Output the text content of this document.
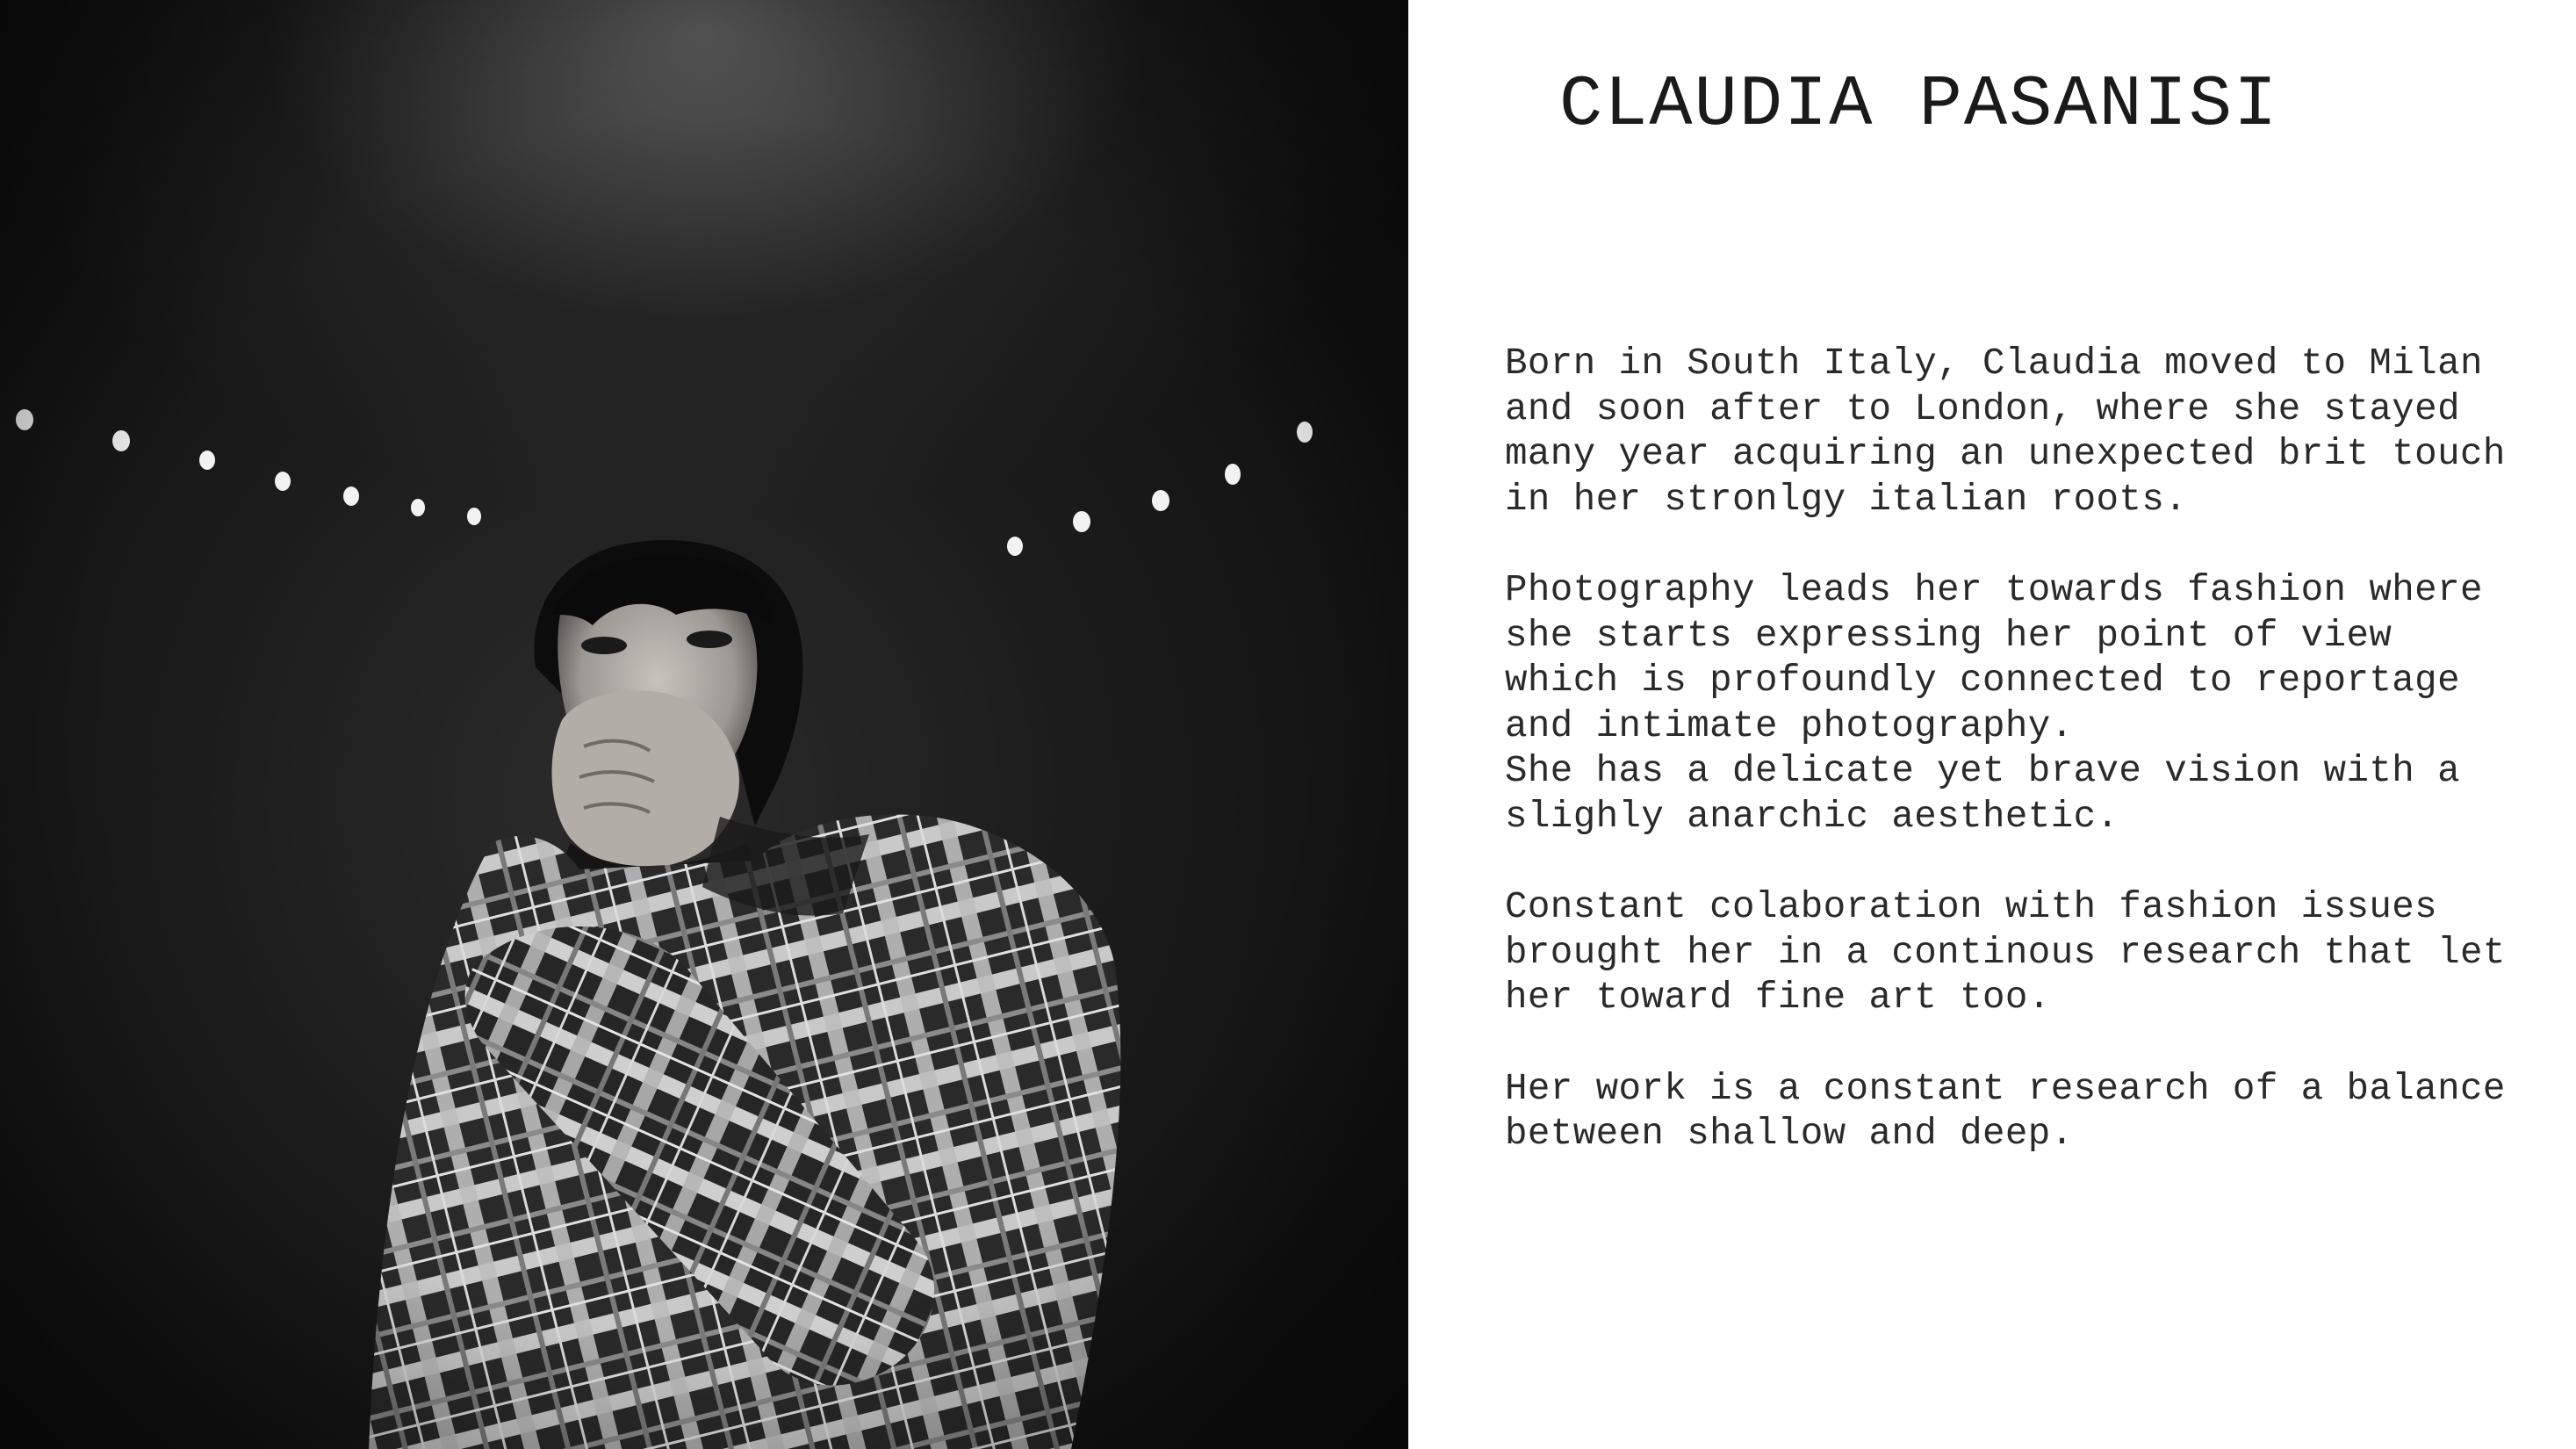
CLAUDIA PASANISI

Born in South Italy, Claudia moved to Milan
and soon after to London, where she stayed
many year acquiring an unexpected brit touch
in her stronlgy italian roots.

Photography leads her towards fashion where
she starts expressing her point of view
which is profoundly connected to reportage
and intimate photography.
She has a delicate yet brave vision with a
slighly anarchic aesthetic.

Constant colaboration with fashion issues
brought her in a continous research that let
her toward fine art too.

Her work is a constant research of a balance
between shallow and deep.
